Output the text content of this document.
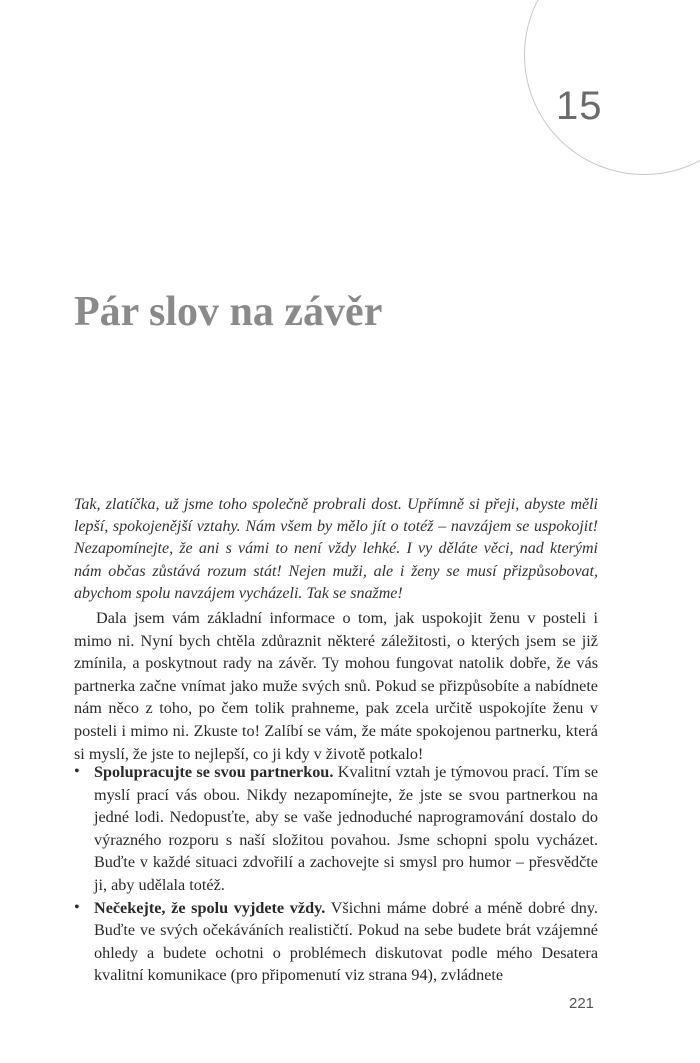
15
Pár slov na závěr

Tak, zlatíčka, už jsme toho společně probrali dost. Upřímně si přeji, abyste měli lepší, spokojenější vztahy. Nám všem by mělo jít o totéž – navzájem se uspokojit! Nezapomínejte, že ani s vámi to není vždy lehké. I vy děláte věci, nad kterými nám občas zůstává rozum stát! Nejen muži, ale i ženy se musí přizpůsobovat, abychom spolu navzájem vycházeli. Tak se snažme!

Dala jsem vám základní informace o tom, jak uspokojit ženu v posteli i mimo ni. Nyní bych chtěla zdůraznit některé záležitosti, o kterých jsem se již zmínila, a poskytnout rady na závěr. Ty mohou fungovat natolik dobře, že vás partnerka začne vnímat jako muže svých snů. Pokud se přizpůsobíte a nabídnete nám něco z toho, po čem tolik prahneme, pak zcela určitě uspokojíte ženu v posteli i mimo ni. Zkuste to! Zalíbí se vám, že máte spokojenou partnerku, která si myslí, že jste to nejlepší, co ji kdy v životě potkalo!

• Spolupracujte se svou partnerkou. Kvalitní vztah je týmovou prací. Tím se myslí prací vás obou. Nikdy nezapomínejte, že jste se svou partnerkou na jedné lodi. Nedopusťte, aby se vaše jednoduché naprogramování dostalo do výrazného rozporu s naší složitou povahou. Jsme schopni spolu vycházet. Buďte v každé situaci zdvořilí a zachovejte si smysl pro humor – přesvědčte ji, aby udělala totéž.
• Nečekejte, že spolu vyjdete vždy. Všichni máme dobré a méně dobré dny. Buďte ve svých očekáváních realističtí. Pokud na sebe budete brát vzájemné ohledy a budete ochotni o problémech diskutovat podle mého Desatera kvalitní komunikace (pro připomenutí viz strana 94), zvládnete
221
